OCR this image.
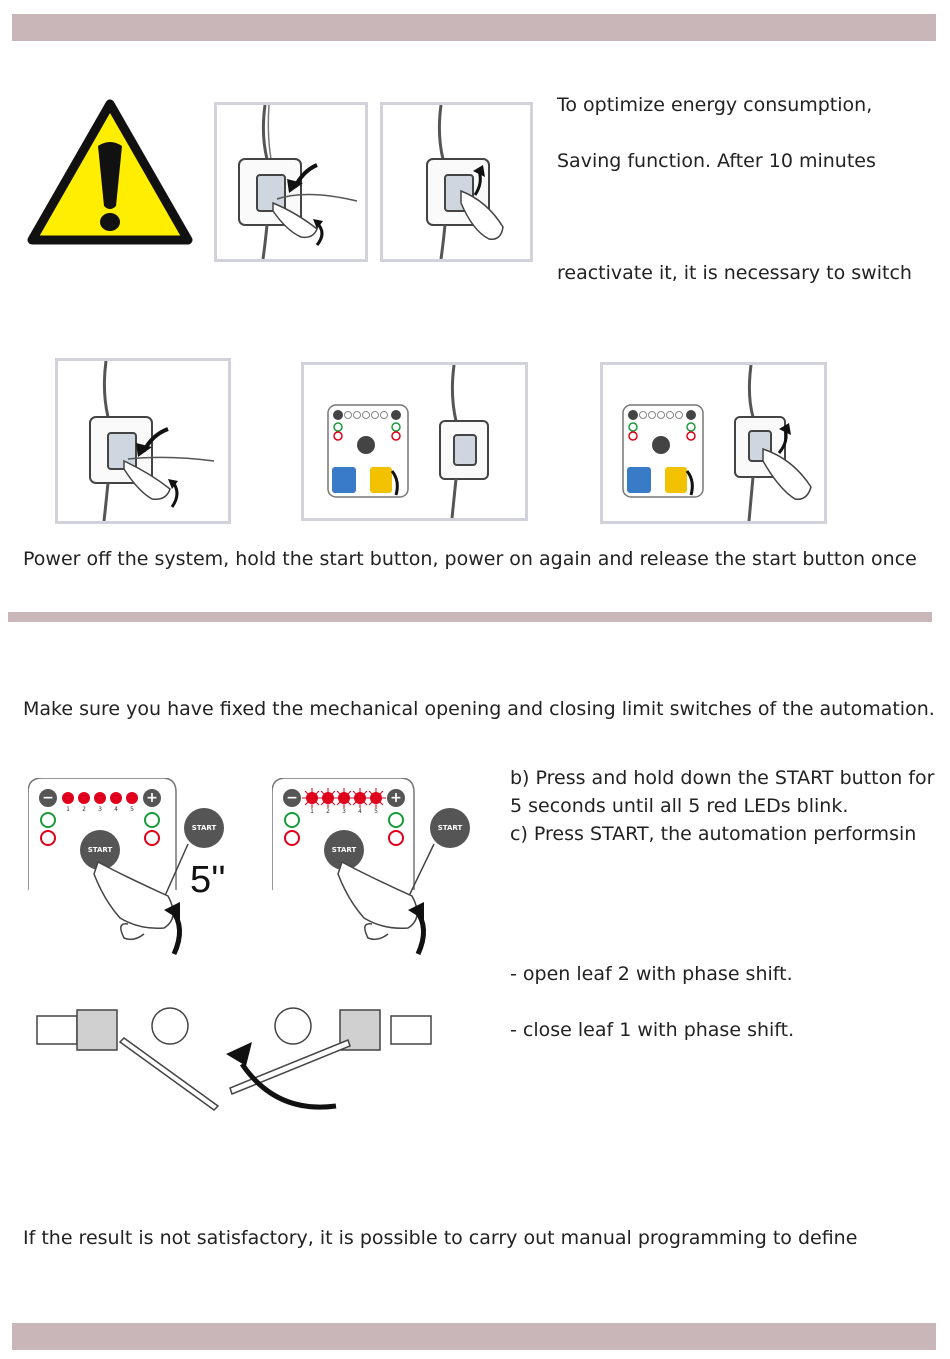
To optimize energy consumption,
Saving function. After 10 minutes
reactivate it, it is necessary to switch
Power off the system, hold the start button, power on again and release the start button once
Make sure you have fixed the mechanical opening and closing limit switches of the automation.
−	+
1	2	3	4	5
START
START
5''
−	+
1	2	3	4	5
START
START
b) Press and hold down the START button for
5 seconds until all 5 red LEDs blink.
c) Press START, the automation performsin
- open leaf 2 with phase shift.
- close leaf 1 with phase shift.
If the result is not satisfactory, it is possible to carry out manual programming to define
